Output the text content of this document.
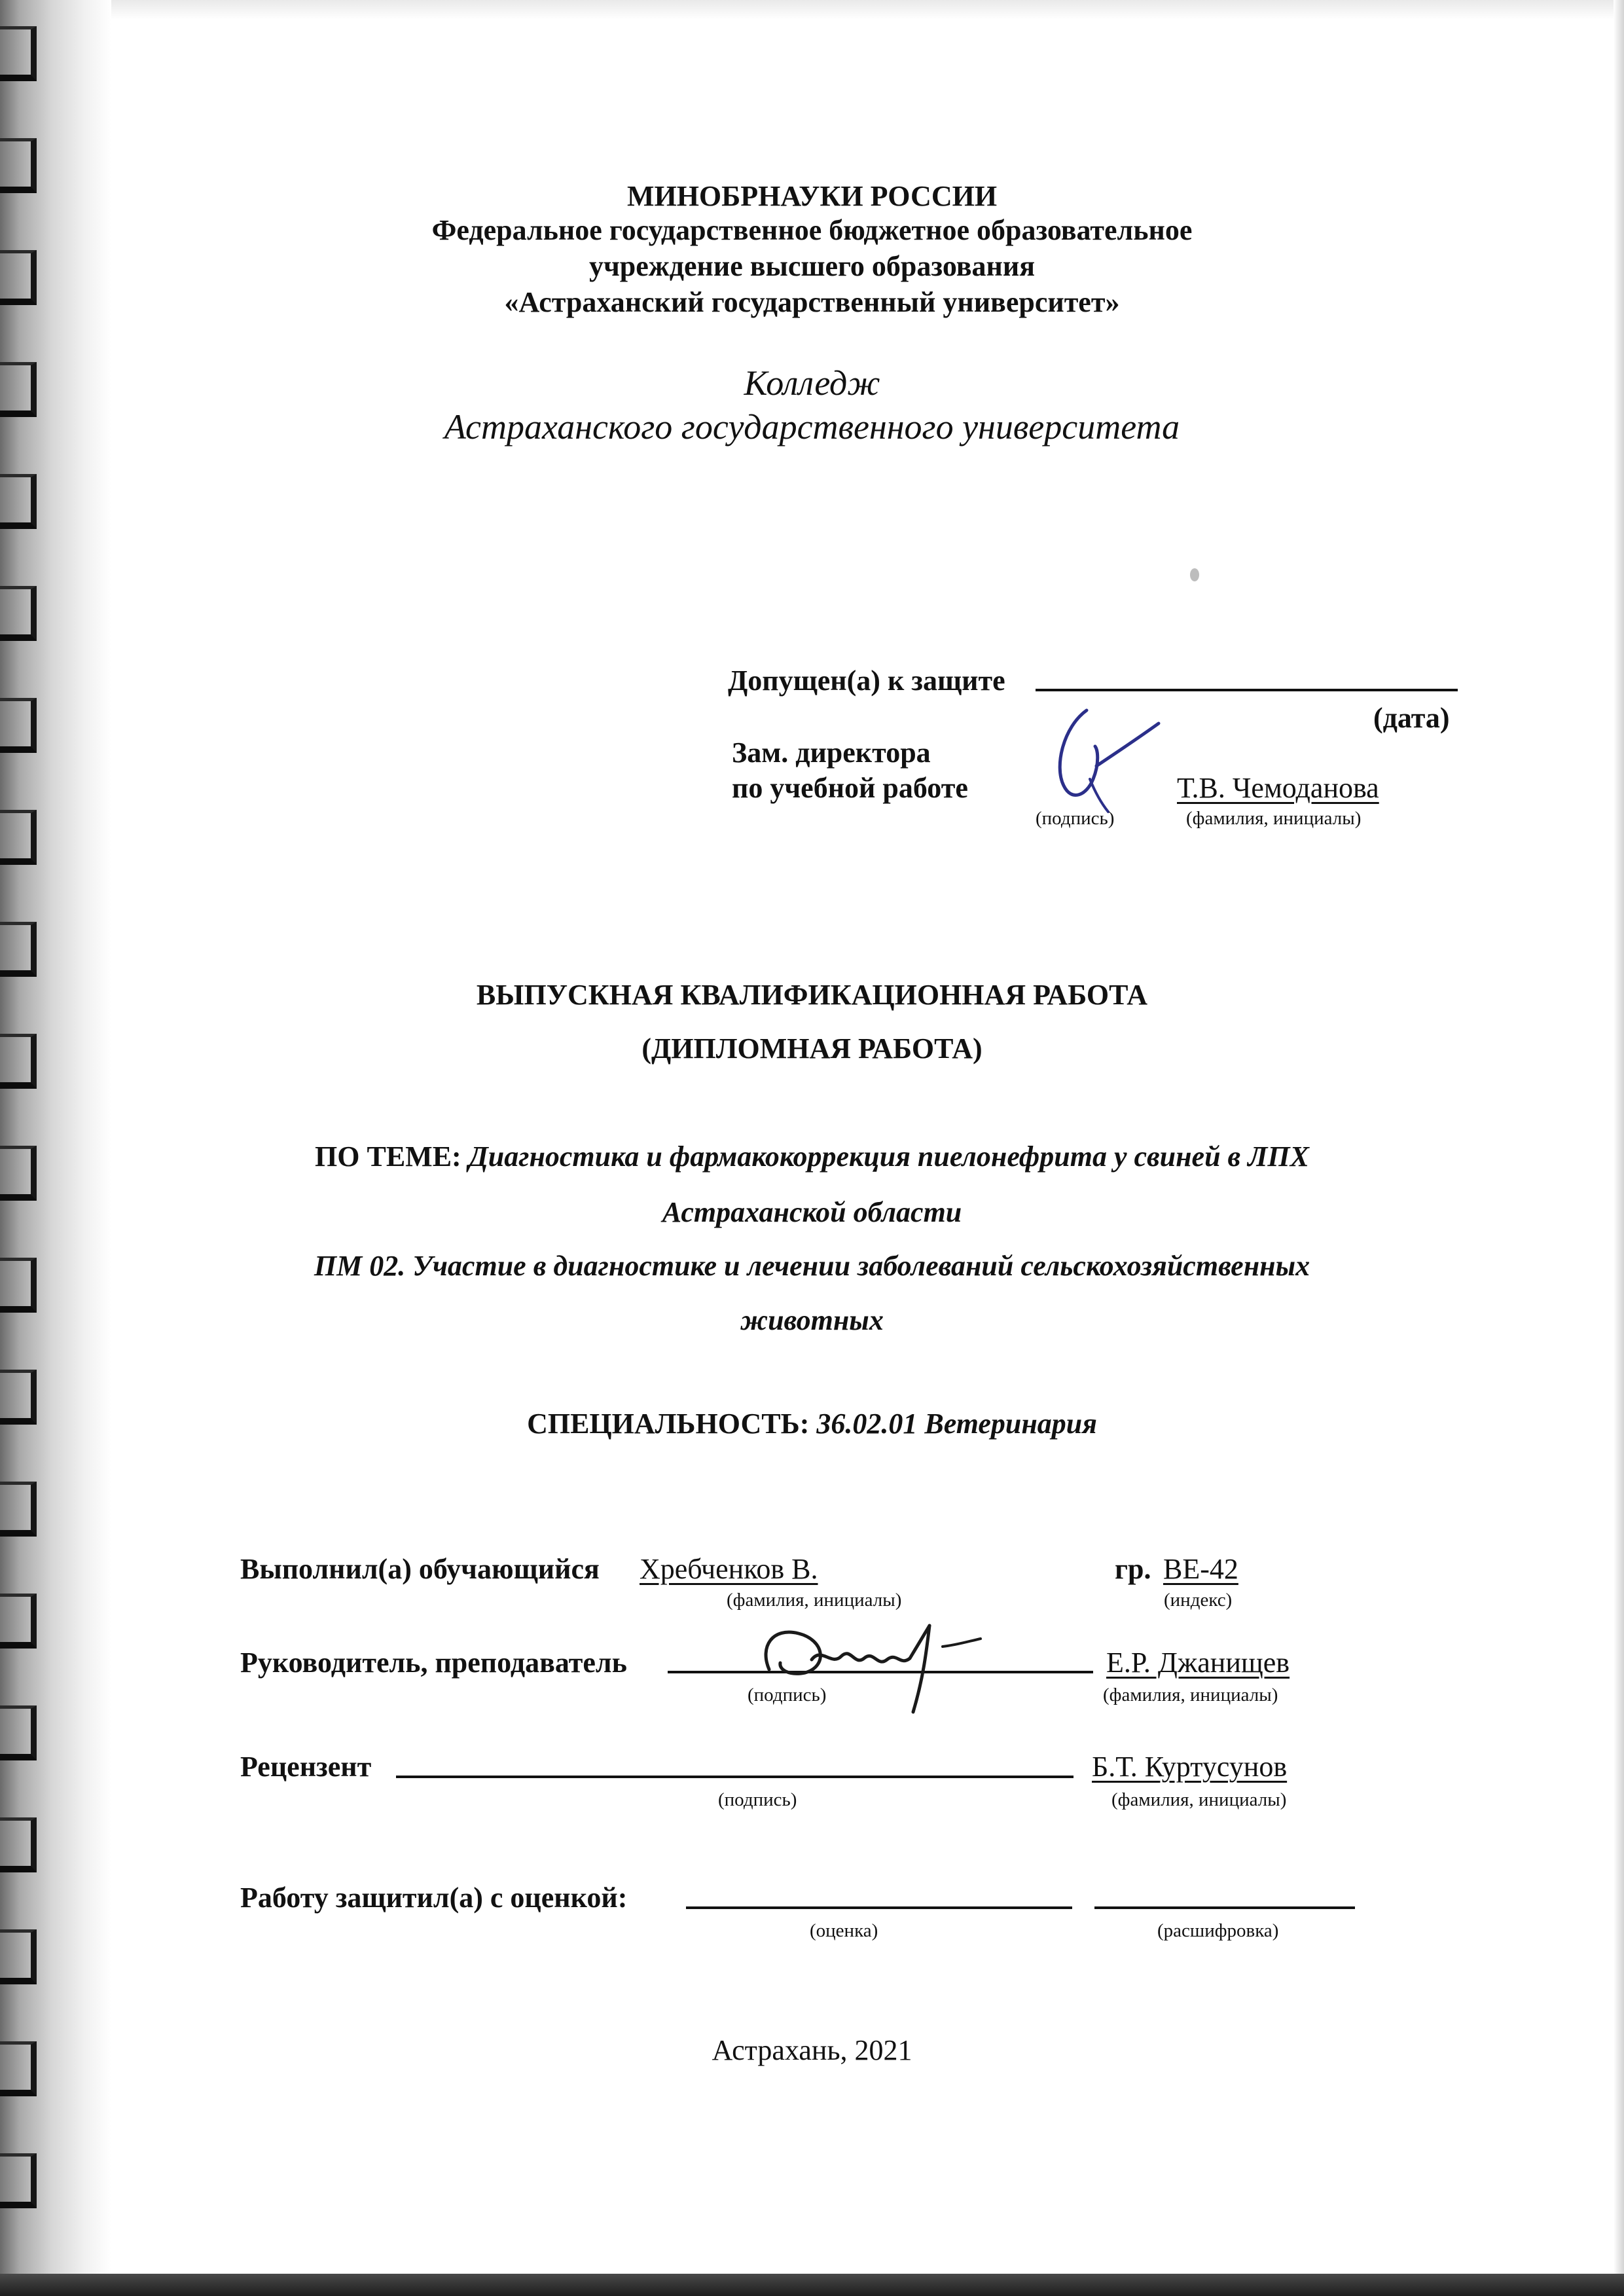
МИНОБРНАУКИ РОССИИ
Федеральное государственное бюджетное образовательное
учреждение высшего образования
«Астраханский государственный университет»
Колледж
Астраханского государственного университета
Допущен(а) к защите
(дата)
Зам. директора
по учебной работе
(подпись)
Т.В. Чемоданова
(фамилия, инициалы)
ВЫПУСКНАЯ КВАЛИФИКАЦИОННАЯ РАБОТА
(ДИПЛОМНАЯ РАБОТА)
ПО ТЕМЕ: Диагностика и фармакокоррекция пиелонефрита у свиней в ЛПХ
Астраханской области
ПМ 02. Участие в диагностике и лечении заболеваний сельскохозяйственных
животных
СПЕЦИАЛЬНОСТЬ: 36.02.01 Ветеринария
Выполнил(а) обучающийся Хребченков В.
(фамилия, инициалы)
гр. ВЕ-42
(индекс)
Руководитель, преподаватель
(подпись)
Е.Р. Джанищев
(фамилия, инициалы)
Рецензент
(подпись)
Б.Т. Куртусунов
(фамилия, инициалы)
Работу защитил(а) с оценкой:
(оценка)	(расшифровка)
Астрахань, 2021
